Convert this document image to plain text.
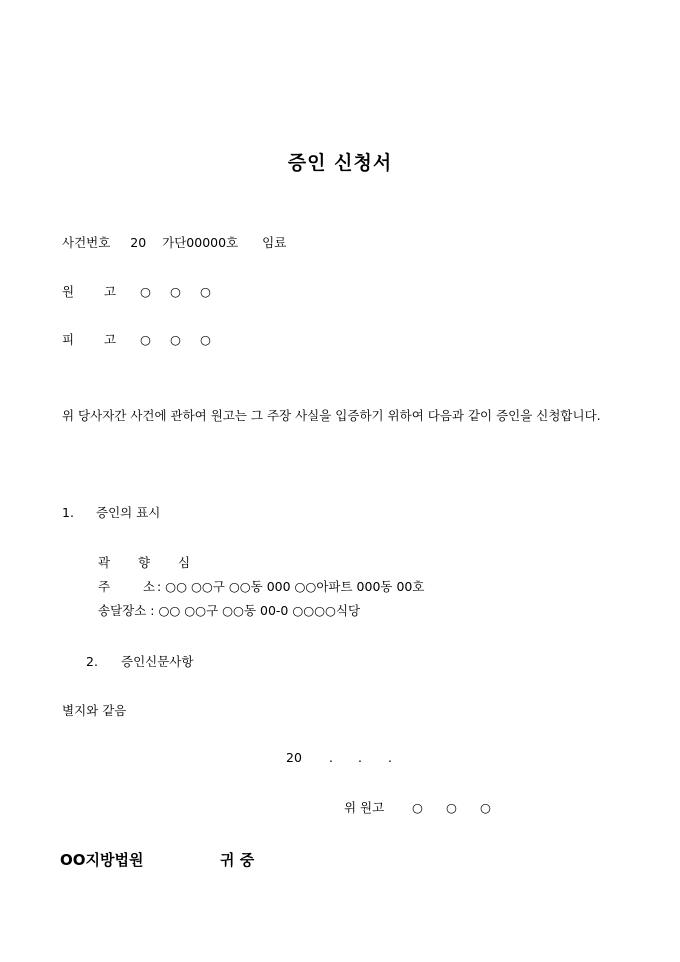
증인 신청서
사건번호 20 가단00000호 임료
원 고 ○ ○ ○
피 고 ○ ○ ○
위 당사자간 사건에 관하여 원고는 그 주장 사실을 입증하기 위하여 다음과 같이 증인을 신청합니다.
1. 증인의 표시
곽 향 심
주	소 : ○○ ○○구 ○○동 000 ○○아파트 000동 00호
송달장소 : ○○ ○○구 ○○동 00-0 ○○○○식당
2. 증인신문사항
별지와 같음
20 . . .
위 원고 ○ ○ ○
OO지방법원	귀 중
